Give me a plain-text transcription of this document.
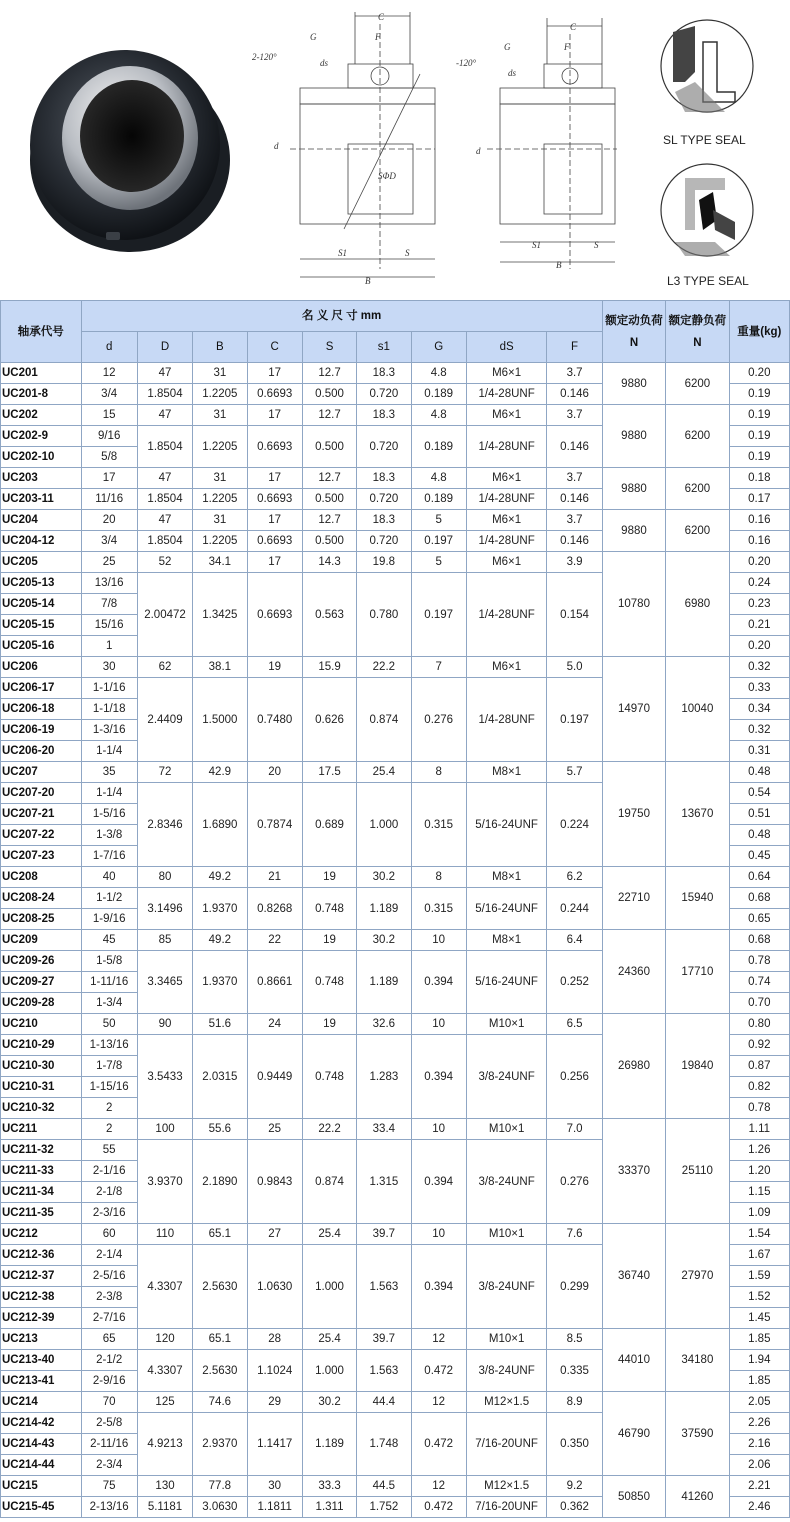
C
G	F
2-120°
ds
SΦD
d
S1	S
B
C
G	F
-120°
ds
d
S1	S
B
SL TYPE SEAL
L3 TYPE SEAL
轴承代号	名 义 尺 寸 mm									额定动负荷N	额定静负荷N	重量(kg)
	d	D	B	C	S	s1	G	dS	F			
UC201	12	47	31	17	12.7	18.3	4.8	M6×1	3.7	9880	6200	0.20
UC201-8	3/4	1.8504	1.2205	0.6693	0.500	0.720	0.189	1/4-28UNF	0.146			0.19
UC202	15	47	31	17	12.7	18.3	4.8	M6×1	3.7	9880	6200	0.19
UC202-9	9/16	1.8504	1.2205	0.6693	0.500	0.720	0.189	1/4-28UNF	0.146			0.19
UC202-10	5/8											0.19
UC203	17	47	31	17	12.7	18.3	4.8	M6×1	3.7	9880	6200	0.18
UC203-11	11/16	1.8504	1.2205	0.6693	0.500	0.720	0.189	1/4-28UNF	0.146			0.17
UC204	20	47	31	17	12.7	18.3	5	M6×1	3.7	9880	6200	0.16
UC204-12	3/4	1.8504	1.2205	0.6693	0.500	0.720	0.197	1/4-28UNF	0.146			0.16
UC205	25	52	34.1	17	14.3	19.8	5	M6×1	3.9	10780	6980	0.20
UC205-13	13/16	2.00472	1.3425	0.6693	0.563	0.780	0.197	1/4-28UNF	0.154			0.24
UC205-14	7/8											0.23
UC205-15	15/16											0.21
UC205-16	1											0.20
UC206	30	62	38.1	19	15.9	22.2	7	M6×1	5.0	14970	10040	0.32
UC206-17	1-1/16	2.4409	1.5000	0.7480	0.626	0.874	0.276	1/4-28UNF	0.197			0.33
UC206-18	1-1/18											0.34
UC206-19	1-3/16											0.32
UC206-20	1-1/4											0.31
UC207	35	72	42.9	20	17.5	25.4	8	M8×1	5.7	19750	13670	0.48
UC207-20	1-1/4	2.8346	1.6890	0.7874	0.689	1.000	0.315	5/16-24UNF	0.224			0.54
UC207-21	1-5/16											0.51
UC207-22	1-3/8											0.48
UC207-23	1-7/16											0.45
UC208	40	80	49.2	21	19	30.2	8	M8×1	6.2	22710	15940	0.64
UC208-24	1-1/2	3.1496	1.9370	0.8268	0.748	1.189	0.315	5/16-24UNF	0.244			0.68
UC208-25	1-9/16											0.65
UC209	45	85	49.2	22	19	30.2	10	M8×1	6.4	24360	17710	0.68
UC209-26	1-5/8	3.3465	1.9370	0.8661	0.748	1.189	0.394	5/16-24UNF	0.252			0.78
UC209-27	1-11/16											0.74
UC209-28	1-3/4											0.70
UC210	50	90	51.6	24	19	32.6	10	M10×1	6.5	26980	19840	0.80
UC210-29	1-13/16	3.5433	2.0315	0.9449	0.748	1.283	0.394	3/8-24UNF	0.256			0.92
UC210-30	1-7/8											0.87
UC210-31	1-15/16											0.82
UC210-32	2											0.78
UC211	2	100	55.6	25	22.2	33.4	10	M10×1	7.0	33370	25110	1.11
UC211-32	55	3.9370	2.1890	0.9843	0.874	1.315	0.394	3/8-24UNF	0.276			1.26
UC211-33	2-1/16											1.20
UC211-34	2-1/8											1.15
UC211-35	2-3/16											1.09
UC212	60	110	65.1	27	25.4	39.7	10	M10×1	7.6	36740	27970	1.54
UC212-36	2-1/4	4.3307	2.5630	1.0630	1.000	1.563	0.394	3/8-24UNF	0.299			1.67
UC212-37	2-5/16											1.59
UC212-38	2-3/8											1.52
UC212-39	2-7/16											1.45
UC213	65	120	65.1	28	25.4	39.7	12	M10×1	8.5	44010	34180	1.85
UC213-40	2-1/2	4.3307	2.5630	1.1024	1.000	1.563	0.472	3/8-24UNF	0.335			1.94
UC213-41	2-9/16											1.85
UC214	70	125	74.6	29	30.2	44.4	12	M12×1.5	8.9	46790	37590	2.05
UC214-42	2-5/8	4.9213	2.9370	1.1417	1.189	1.748	0.472	7/16-20UNF	0.350			2.26
UC214-43	2-11/16											2.16
UC214-44	2-3/4											2.06
UC215	75	130	77.8	30	33.3	44.5	12	M12×1.5	9.2	50850	41260	2.21
UC215-45	2-13/16	5.1181	3.0630	1.1811	1.311	1.752	0.472	7/16-20UNF	0.362			2.46
